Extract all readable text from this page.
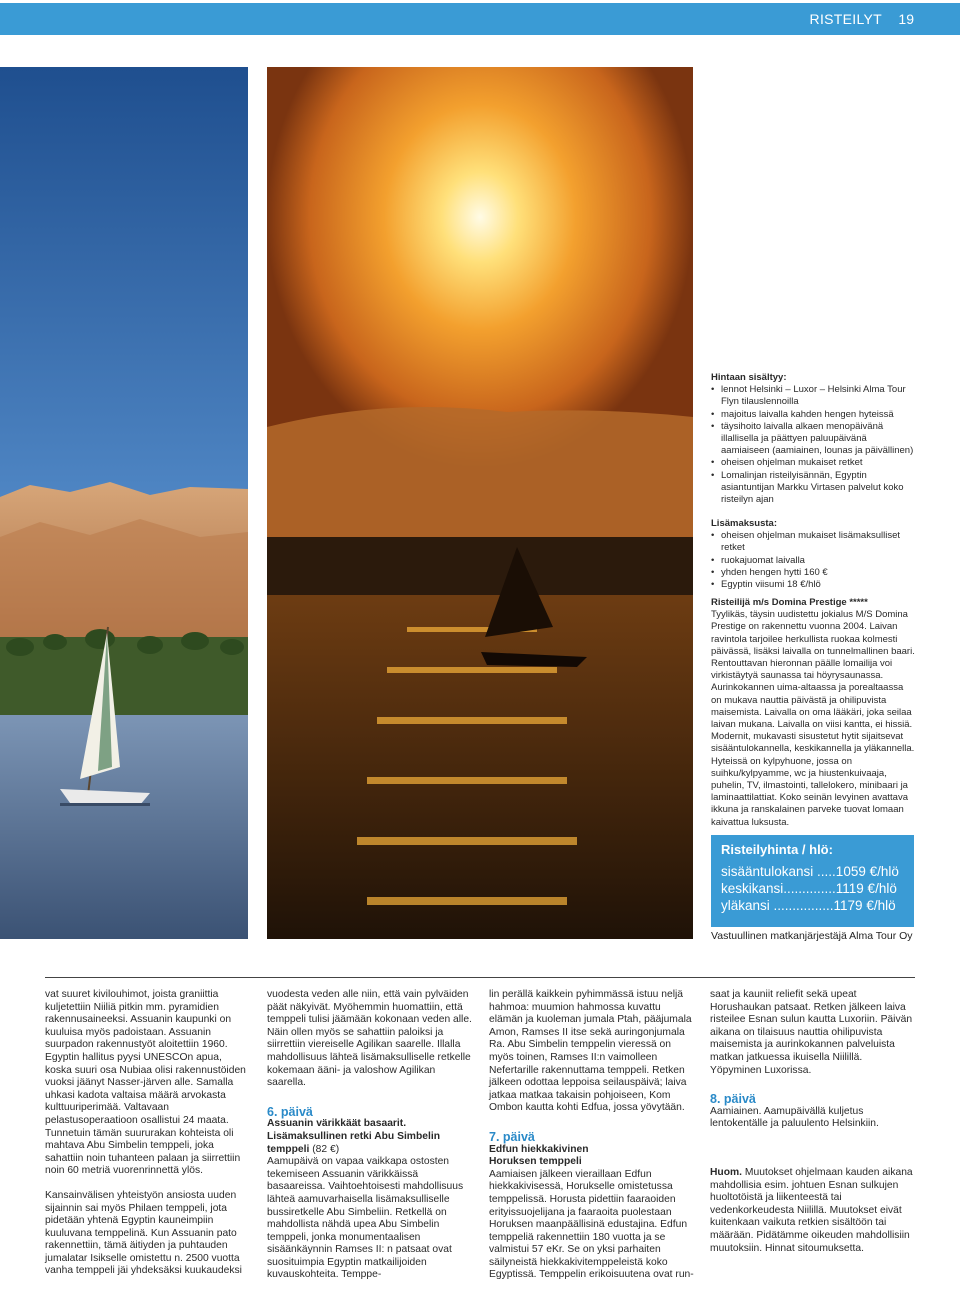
RISTEILYT 19
Hintaan sisältyy:
• lennot Helsinki – Luxor – Helsinki Alma Tour Flyn tilauslennoilla
• majoitus laivalla kahden hengen hyteissä
• täysihoito laivalla alkaen menopäivänä illallisella ja päättyen paluupäivänä aamiaiseen (aamiainen, lounas ja päivällinen)
• oheisen ohjelman mukaiset retket
• Lomalinjan risteilyisännän, Egyptin asiantuntijan Markku Virtasen palvelut koko risteilyn ajan
Lisämaksusta:
• oheisen ohjelman mukaiset lisämaksulliset retket
• ruokajuomat laivalla
• yhden hengen hytti 160 €
• Egyptin viisumi 18 €/hlö
Risteilijä m/s Domina Prestige *****

Tyylikäs, täysin uudistettu jokialus M/S Domina Prestige on rakennettu vuonna 2004. Laivan ravintola tarjoilee herkullista ruokaa kolmesti päivässä, lisäksi laivalla on tunnelmallinen baari. Rentouttavan hieronnan päälle lomailija voi virkistäytyä saunassa tai höyrysaunassa. Aurinkokannen uima-altaassa ja porealtaassa on mukava nauttia päivästä ja ohilipuvista maisemista. Laivalla on oma lääkäri, joka seilaa laivan mukana. Laivalla on viisi kantta, ei hissiä. Modernit, mukavasti sisustetut hytit sijaitsevat sisääntulokannella, keskikannella ja yläkannella. Hyteissä on kylpyhuone, jossa on suihku/kylpyamme, wc ja hiustenkuivaaja, puhelin, TV, ilmastointi, tallelokero, minibaari ja laminaattilattiat. Koko seinän levyinen avattava ikkuna ja ranskalainen parveke tuovat lomaan kaivattua luksusta.

Risteilyhinta / hlö:
sisääntulokansi .....1059 €/hlö
keskikansi..............1119 €/hlö
yläkansi ................1179 €/hlö
Vastuullinen matkanjärjestäjä Alma Tour Oy

vat suuret kivilouhimot, joista graniittia kuljetettiin Niiliä pitkin mm. pyramidien rakennusaineeksi. Assuanin kaupunki on kuuluisa myös padoistaan. Assuanin suurpadon rakennustyöt aloitettiin 1960. Egyptin hallitus pyysi UNESCOn apua, koska suuri osa Nubiaa olisi rakennustöiden vuoksi jäänyt Nasser-järven alle. Samalla uhkasi kadota valtaisa määrä arvokasta kulttuuriperimää. Valtavaan pelastusoperaatioon osallistui 24 maata. Tunnetuin tämän suururakan kohteista oli mahtava Abu Simbelin temppeli, joka sahattiin noin tuhanteen palaan ja siirrettiin noin 60 metriä vuorenrinnettä ylös.

Kansainvälisen yhteistyön ansiosta uuden sijainnin sai myös Philaen temppeli, jota pidetään yhtenä Egyptin kauneimpiin kuuluvana temppelinä. Kun Assuanin pato rakennettiin, tämä äitiyden ja puhtauden jumalatar Isikselle omistettu n. 2500 vuotta vanha temppeli jäi yhdeksäksi kuukaudeksi

vuodesta veden alle niin, että vain pylväiden päät näkyivät. Myöhemmin huomattiin, että temppeli tulisi jäämään kokonaan veden alle. Näin ollen myös se sahattiin paloiksi ja siirrettiin viereiselle Agilikan saarelle. Illalla mahdollisuus lähteä lisämaksulliselle retkelle kokemaan ääni- ja valoshow Agilikan saarella.

6. päivä

Assuanin värikkäät basaarit.

Lisämaksullinen retki Abu Simbelin temppeli (82 €)

Aamupäivä on vapaa vaikkapa ostosten tekemiseen Assuanin värikkäissä basaareissa. Vaihtoehtoisesti mahdollisuus lähteä aamuvarhaisella lisämaksulliselle bussiretkelle Abu Simbeliin. Retkellä on mahdollista nähdä upea Abu Simbelin temppeli, jonka monumentaalisen sisäänkäynnin Ramses II: n patsaat ovat suosituimpia Egyptin matkailijoiden kuvauskohteita. Temppe-

lin perällä kaikkein pyhimmässä istuu neljä hahmoa: muumion hahmossa kuvattu elämän ja kuoleman jumala Ptah, pääjumala Amon, Ramses II itse sekä auringonjumala Ra. Abu Simbelin temppelin vieressä on myös toinen, Ramses II:n vaimolleen Nefertarille rakennuttama temppeli. Retken jälkeen odottaa leppoisa seilauspäivä; laiva jatkaa matkaa takaisin pohjoiseen, Kom Ombon kautta kohti Edfua, jossa yövytään.

7. päivä

Edfun hiekkakivinen

Horuksen temppeli

Aamiaisen jälkeen vieraillaan Edfun hiekkakivisessä, Horukselle omistetussa temppelissä. Horusta pidettiin faaraoiden erityissuojelijana ja faaraoita puolestaan Horuksen maanpäällisinä edustajina. Edfun temppeliä rakennettiin 180 vuotta ja se valmistui 57 eKr. Se on yksi parhaiten säilyneistä hiekkakivitemppeleistä koko Egyptissä. Temppelin erikoisuutena ovat run-

saat ja kauniit reliefit sekä upeat Horushaukan patsaat. Retken jälkeen laiva risteilee Esnan sulun kautta Luxoriin. Päivän aikana on tilaisuus nauttia ohilipuvista maisemista ja aurinkokannen palveluista matkan jatkuessa ikuisella Niilillä. Yöpyminen Luxorissa.

8. päivä

Aamiainen. Aamupäivällä kuljetus lentokentälle ja paluulento Helsinkiin.

Huom. Muutokset ohjelmaan kauden aikana mahdollisia esim. johtuen Esnan sulkujen huoltotöistä ja liikenteestä tai vedenkorkeudesta Niilillä. Muutokset eivät kuitenkaan vaikuta retkien sisältöön tai määrään. Pidätämme oikeuden mahdollisiin muutoksiin. Hinnat sitoumuksetta.
